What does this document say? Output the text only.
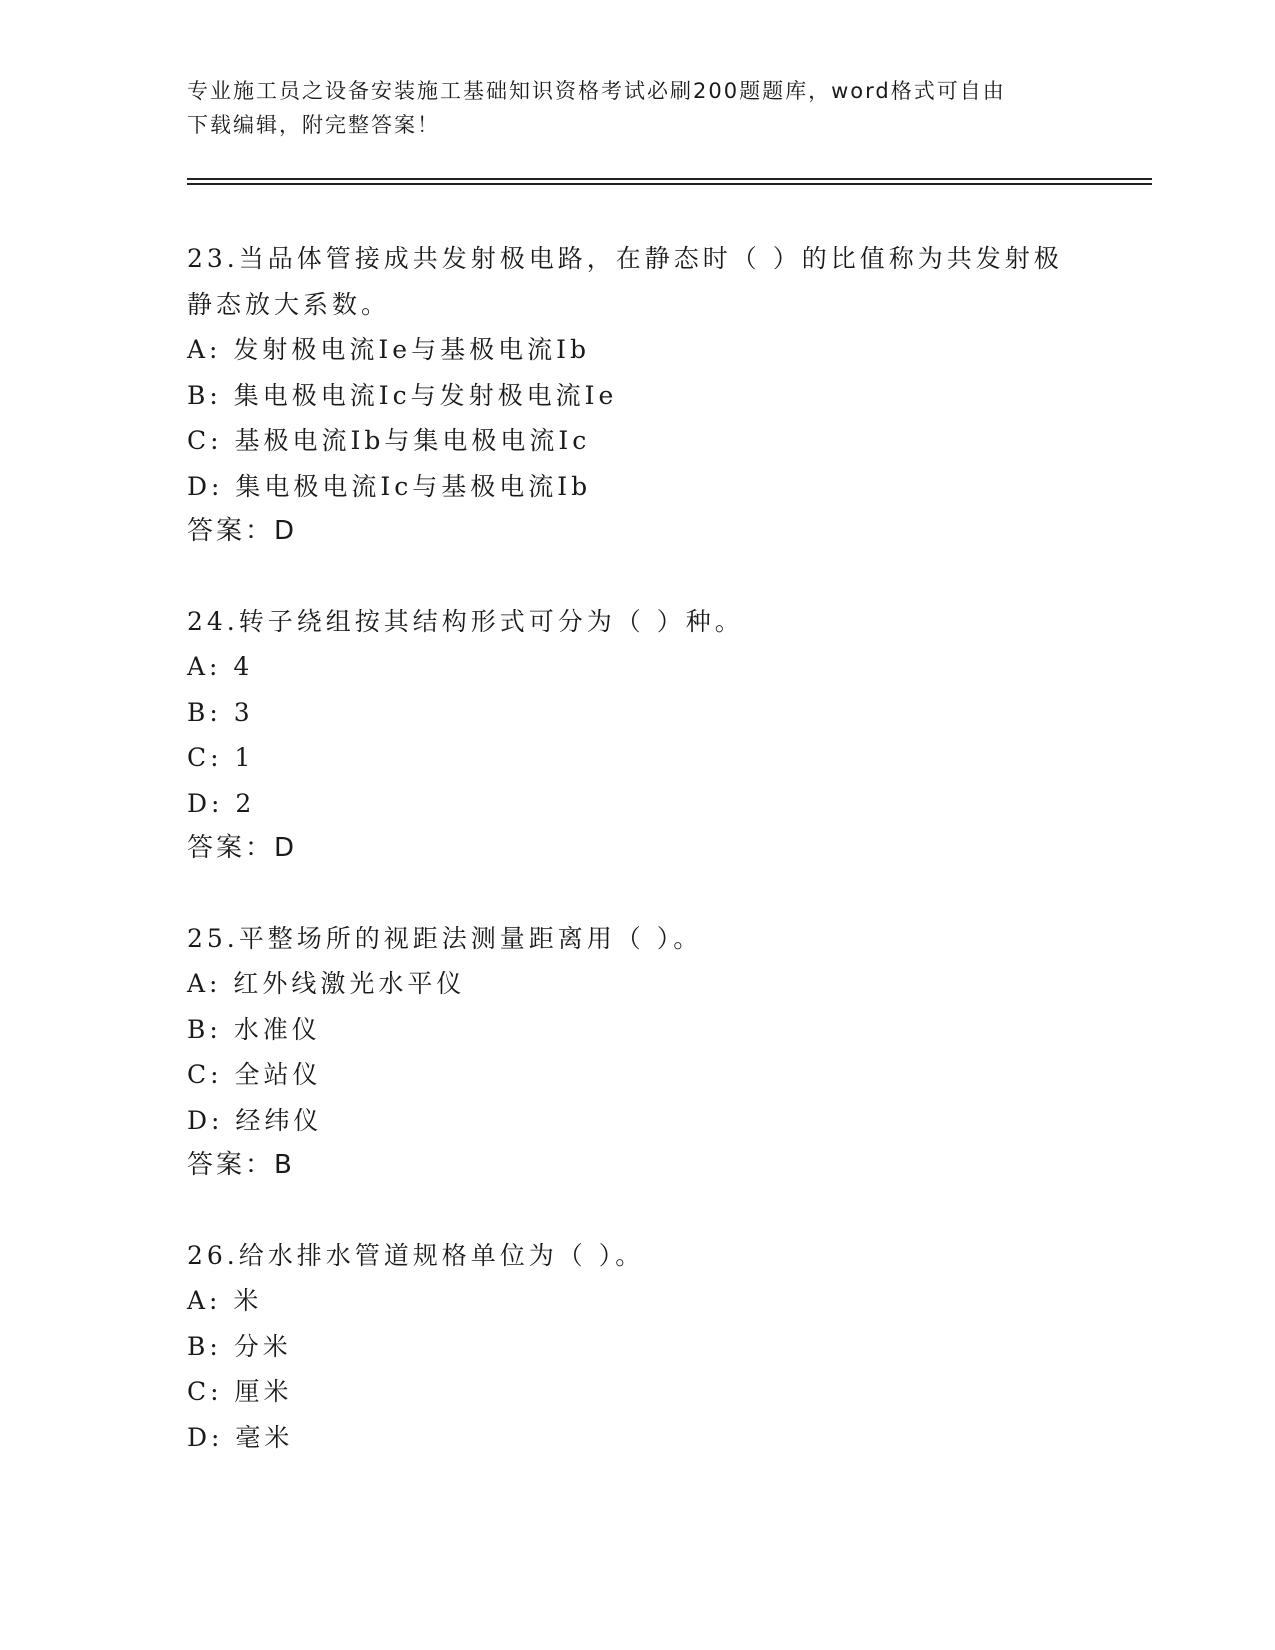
专业施工员之设备安装施工基础知识资格考试必刷200题题库，word格式可自由
下载编辑，附完整答案！
23.当品体管接成共发射极电路，在静态时（ ）的比值称为共发射极
静态放大系数。
A: 发射极电流Ie与基极电流Ib
B: 集电极电流Ic与发射极电流Ie
C: 基极电流Ib与集电极电流Ic
D: 集电极电流Ic与基极电流Ib
答案：D
24.转子绕组按其结构形式可分为（ ）种。
A: 4
B: 3
C: 1
D: 2
答案：D
25.平整场所的视距法测量距离用（ ）。
A: 红外线激光水平仪
B: 水准仪
C: 全站仪
D: 经纬仪
答案：B
26.给水排水管道规格单位为（ ）。
A: 米
B: 分米
C: 厘米
D: 毫米
